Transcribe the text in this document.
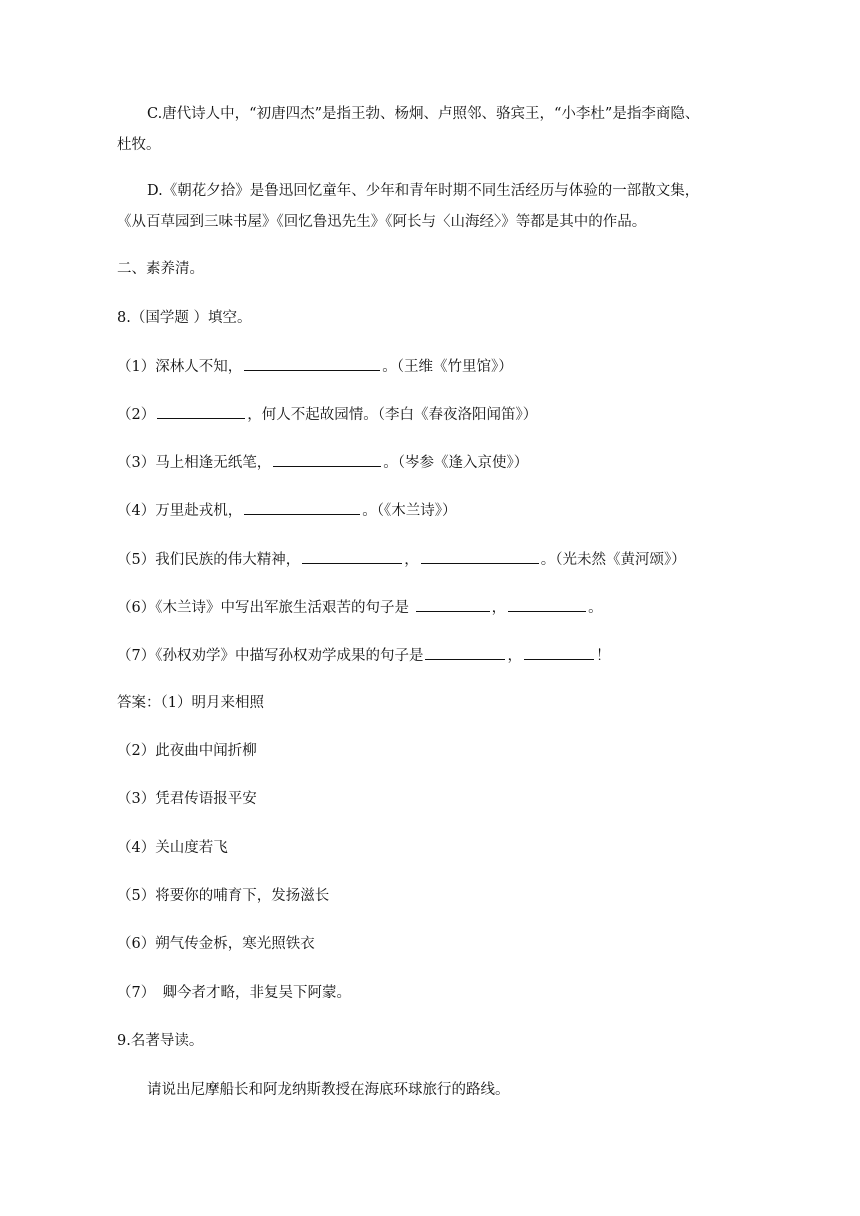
C.唐代诗人中，“初唐四杰”是指王勃、杨炯、卢照邻、骆宾王，“小李杜”是指李商隐、
杜牧。
D.《朝花夕拾》是鲁迅回忆童年、少年和青年时期不同生活经历与体验的一部散文集，
《从百草园到三味书屋》《回忆鲁迅先生》《阿长与〈山海经〉》等都是其中的作品。
二、素养清。
8.（国学题 ）填空。
（1）深林人不知，	。（王维《竹里馆》）
（2）	，何人不起故园情。（李白《春夜洛阳闻笛》）
（3）马上相逢无纸笔，	。（岑参《逢入京使》）
（4）万里赴戎机，	。（《木兰诗》）
（5）我们民族的伟大精神，	，	。（光未然《黄河颂》）
（6）《木兰诗》中写出军旅生活艰苦的句子是	，	。
（7）《孙权劝学》中描写孙权劝学成果的句子是	，	！
答案：（1）明月来相照
（2）此夜曲中闻折柳
（3）凭君传语报平安
（4）关山度若飞
（5）将要你的哺育下，发扬滋长
（6）朔气传金柝，寒光照铁衣
（7）　卿今者才略，非复吴下阿蒙。
9.名著导读。
请说出尼摩船长和阿龙纳斯教授在海底环球旅行的路线。
